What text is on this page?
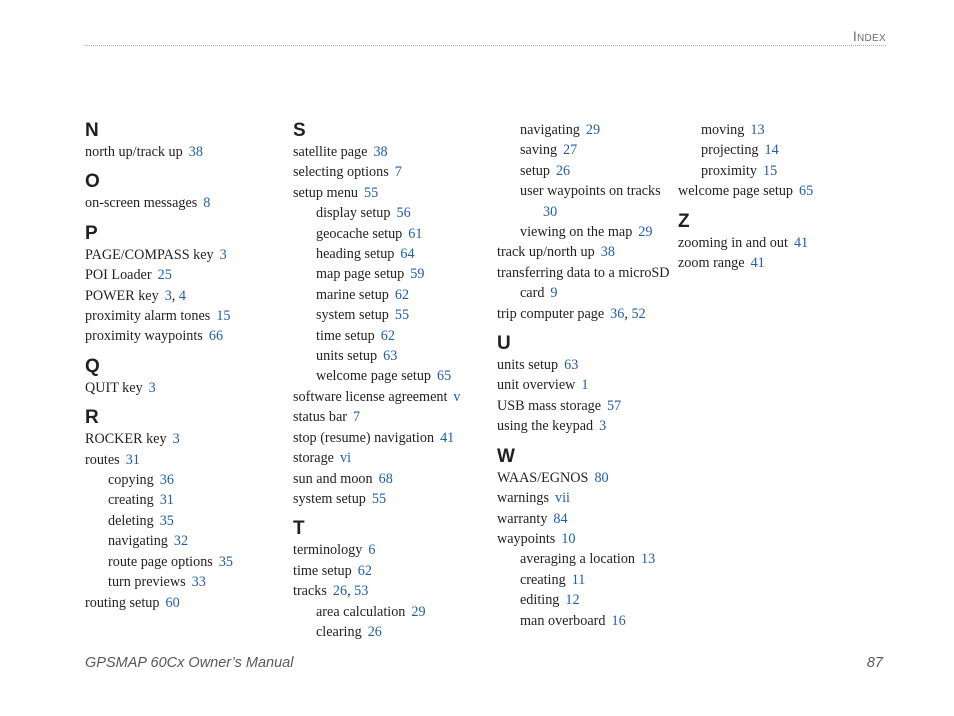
Index
N
north up/track up 38
O
on-screen messages 8
P
PAGE/COMPASS key 3
POI Loader 25
POWER key 3, 4
proximity alarm tones 15
proximity waypoints 66
Q
QUIT key 3
R
ROCKER key 3
routes 31
copying 36
creating 31
deleting 35
navigating 32
route page options 35
turn previews 33
routing setup 60
S
satellite page 38
selecting options 7
setup menu 55
display setup 56
geocache setup 61
heading setup 64
map page setup 59
marine setup 62
system setup 55
time setup 62
units setup 63
welcome page setup 65
software license agreement v
status bar 7
stop (resume) navigation 41
storage vi
sun and moon 68
system setup 55
T
terminology 6
time setup 62
tracks 26, 53
area calculation 29
clearing 26
navigating 29
saving 27
setup 26
user waypoints on tracks
30
viewing on the map 29
track up/north up 38
transferring data to a microSD
card 9
trip computer page 36, 52
U
units setup 63
unit overview 1
USB mass storage 57
using the keypad 3
W
WAAS/EGNOS 80
warnings vii
warranty 84
waypoints 10
averaging a location 13
creating 11
editing 12
man overboard 16
moving 13
projecting 14
proximity 15
welcome page setup 65
Z
zooming in and out 41
zoom range 41
GPSMAP 60Cx Owner’s Manual	87
